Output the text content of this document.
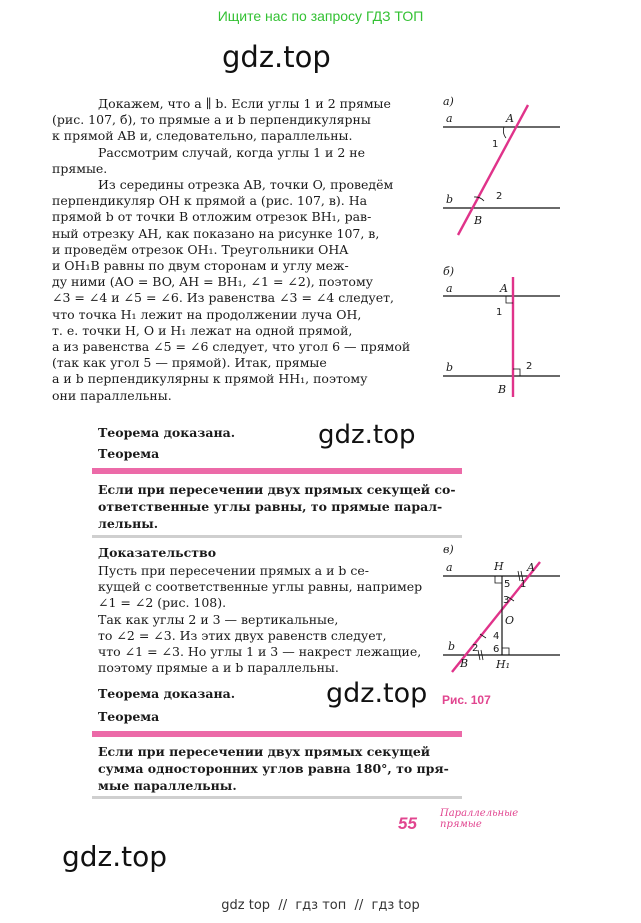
Ищите нас по запросу ГДЗ ТОП
gdz.top
gdz.top
gdz.top
gdz.top
Докажем, что a ∥ b. Если углы 1 и 2 прямые
(рис. 107, б), то прямые a и b перпендикулярны
к прямой AB и, следовательно, параллельны.
Рассмотрим случай, когда углы 1 и 2 не
прямые.
Из середины отрезка AB, точки O, проведём
перпендикуляр OH к прямой a (рис. 107, в). На
прямой b от точки B отложим отрезок BH₁, рав-
ный отрезку AH, как показано на рисунке 107, в,
и проведём отрезок OH₁. Треугольники OHA
и OH₁B равны по двум сторонам и углу меж-
ду ними (AO = BO, AH = BH₁, ∠1 = ∠2), поэтому
∠3 = ∠4 и ∠5 = ∠6. Из равенства ∠3 = ∠4 следует,
что точка H₁ лежит на продолжении луча OH,
т. е. точки H, O и H₁ лежат на одной прямой,
а из равенства ∠5 = ∠6 следует, что угол 6 — прямой
(так как угол 5 — прямой). Итак, прямые
a и b перпендикулярны к прямой HH₁, поэтому
они параллельны.
Теорема доказана.
Теорема
Если при пересечении двух прямых секущей со-
ответственные углы равны, то прямые парал-
лельны.
Доказательство
Пусть при пересечении прямых a и b се-
кущей c соответственные углы равны, например
∠1 = ∠2 (рис. 108).
Так как углы 2 и 3 — вертикальные,
то ∠2 = ∠3. Из этих двух равенств следует,
что ∠1 = ∠3. Но углы 1 и 3 — накрест лежащие,
поэтому прямые a и b параллельны.
Теорема доказана.
Теорема
Если при пересечении двух прямых секущей
сумма односторонних углов равна 180°, то пря-
мые параллельны.
а)
a	A
1
b	2
B
б)
a	A
1
b	2
B
в)
a	H A
5 1
3
O
4
6
b 2
B	H₁
Рис. 107
55
Параллельные
прямые
gdz top  //  гдз топ  //  гдз top
